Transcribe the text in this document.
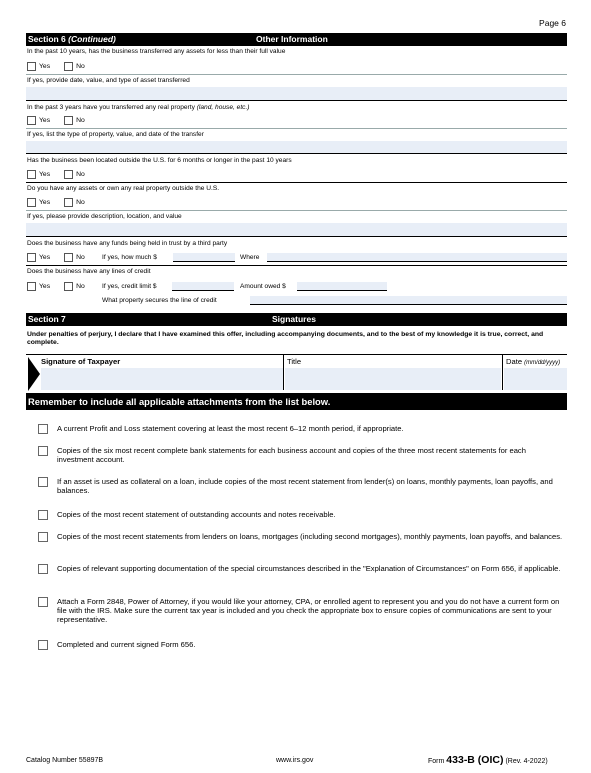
Page 6
Section 6 (Continued)	Other Information
In the past 10 years, has the business transferred any assets for less than their full value
Yes	No
If yes, provide date, value, and type of asset transferred
In the past 3 years have you transferred any real property (land, house, etc.)
Yes	No
If yes, list the type of property, value, and date of the transfer
Has the business been located outside the U.S. for 6 months or longer in the past 10 years
Yes	No
Do you have any assets or own any real property outside the U.S.
Yes	No
If yes, please provide description, location, and value
Does the business have any funds being held in trust by a third party
Yes	No	If yes, how much $	Where
Does the business have any lines of credit
Yes	No	If yes, credit limit $	Amount owed $
What property secures the line of credit
Section 7	Signatures
Under penalties of perjury, I declare that I have examined this offer, including accompanying documents, and to the best of my knowledge it is true, correct, and complete.
Signature of Taxpayer	Title	Date (mm/dd/yyyy)
Remember to include all applicable attachments from the list below.
A current Profit and Loss statement covering at least the most recent 6–12 month period, if appropriate.
Copies of the six most recent complete bank statements for each business account and copies of the three most recent statements for each investment account.
If an asset is used as collateral on a loan, include copies of the most recent statement from lender(s) on loans, monthly payments, loan payoffs, and balances.
Copies of the most recent statement of outstanding accounts and notes receivable.
Copies of the most recent statements from lenders on loans, mortgages (including second mortgages), monthly payments, loan payoffs, and balances.
Copies of relevant supporting documentation of the special circumstances described in the "Explanation of Circumstances" on Form 656, if applicable.
Attach a Form 2848, Power of Attorney, if you would like your attorney, CPA, or enrolled agent to represent you and you do not have a current form on file with the IRS. Make sure the current tax year is included and you check the appropriate box to ensure copies of communications are sent to your representative.
Completed and current signed Form 656.
Catalog Number 55897B	www.irs.gov	Form 433-B (OIC) (Rev. 4-2022)
